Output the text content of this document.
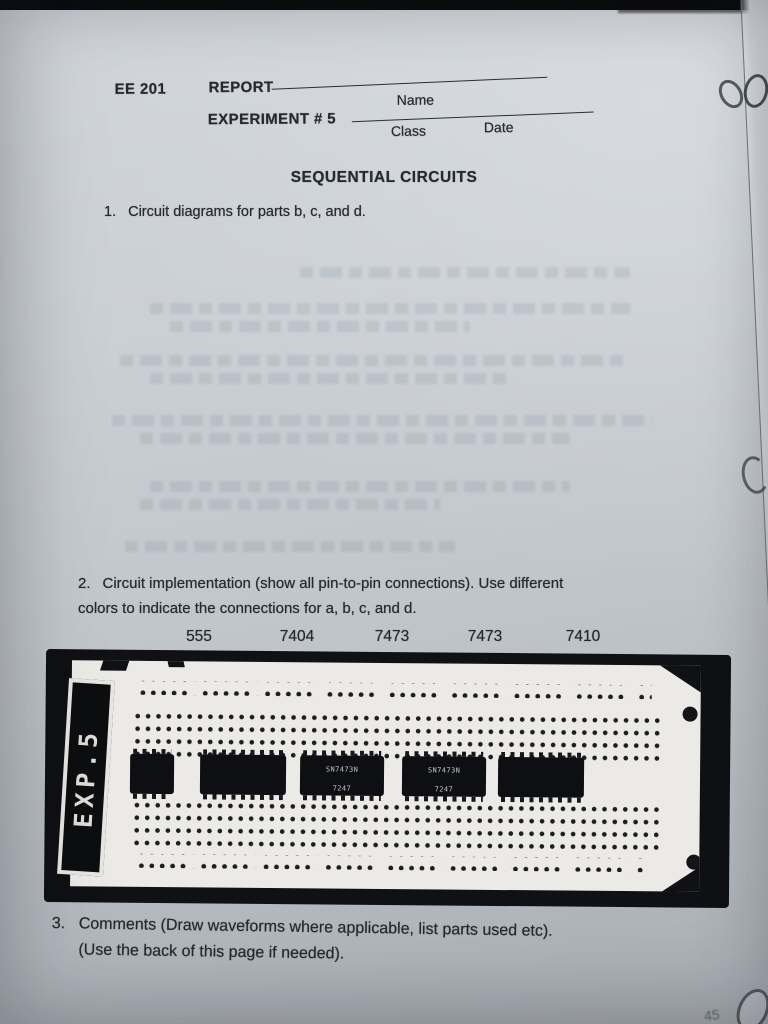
EE 201	REPORT
Name
EXPERIMENT # 5
Class	Date
SEQUENTIAL CIRCUITS
1. Circuit diagrams for parts b, c, and d.
2. Circuit implementation (show all pin-to-pin connections). Use different
colors to indicate the connections for a, b, c, and d.
555	7404	7473	7473	7410
EXP.5	SN7473N
7247
SN7473N
7247
3. Comments (Draw waveforms where applicable, list parts used etc).
(Use the back of this page if needed).
45
